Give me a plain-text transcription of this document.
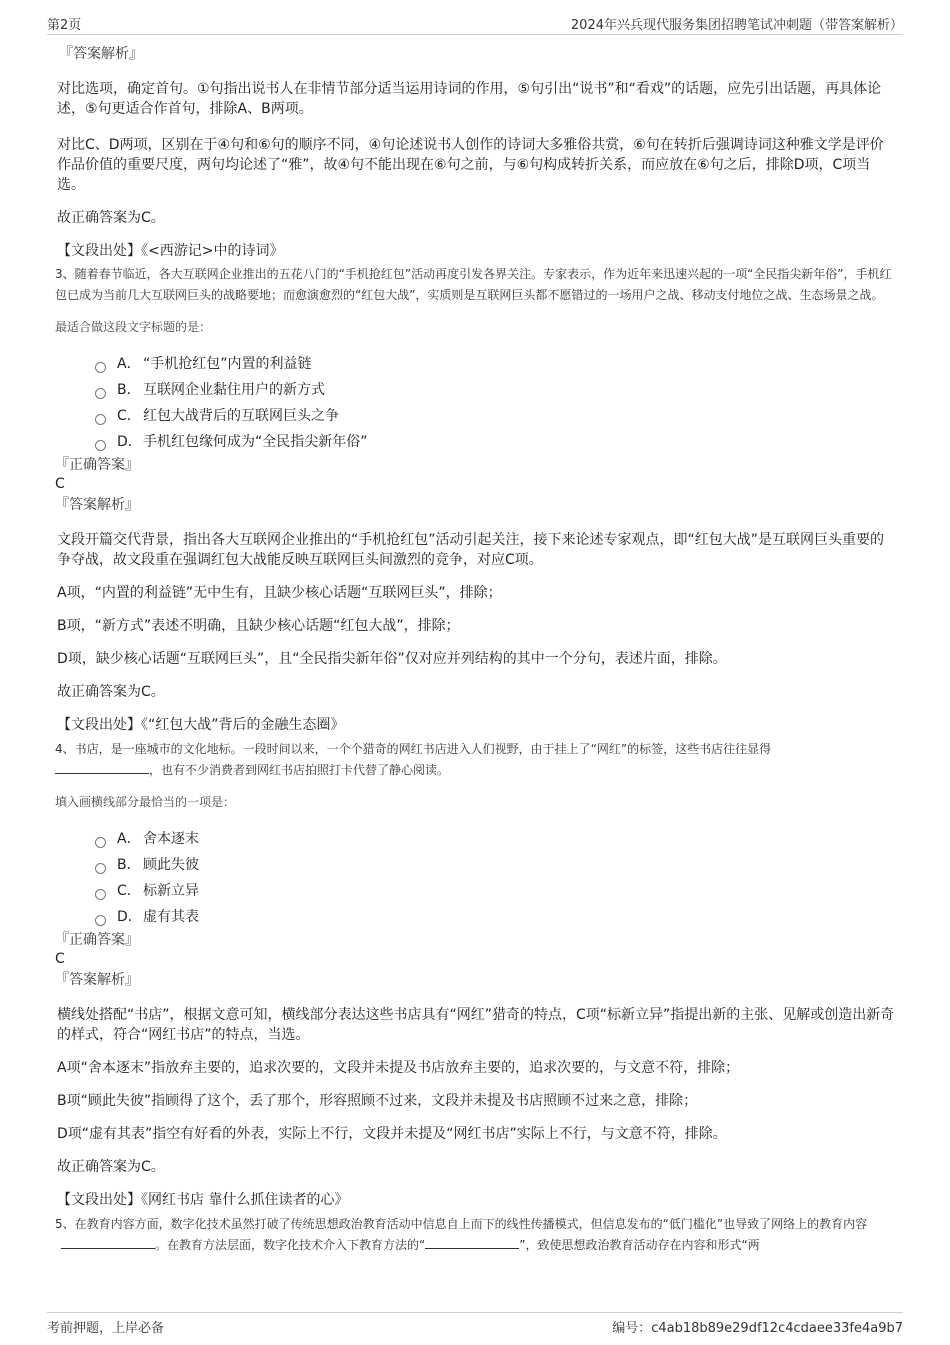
第2页	2024年兴兵现代服务集团招聘笔试冲刺题（带答案解析）

『答案解析』

对比选项，确定首句。①句指出说书人在非情节部分适当运用诗词的作用，⑤句引出“说书”和“看戏”的话题，应先引出话题，再具体论述，⑤句更适合作首句，排除A、B两项。

对比C、D两项，区别在于④句和⑥句的顺序不同，④句论述说书人创作的诗词大多雅俗共赏，⑥句在转折后强调诗词这种雅文学是评价作品价值的重要尺度，两句均论述了“雅”，故④句不能出现在⑥句之前，与⑥句构成转折关系，而应放在⑥句之后，排除D项，C项当选。

故正确答案为C。

【文段出处】《<西游记>中的诗词》

3、随着春节临近，各大互联网企业推出的五花八门的“手机抢红包”活动再度引发各界关注。专家表示，作为近年来迅速兴起的一项“全民指尖新年俗”，手机红包已成为当前几大互联网巨头的战略要地；而愈演愈烈的“红包大战”，实质则是互联网巨头都不愿错过的一场用户之战、移动支付地位之战、生态场景之战。

最适合做这段文字标题的是：

A． “手机抢红包”内置的利益链
B． 互联网企业黏住用户的新方式
C． 红包大战背后的互联网巨头之争
D． 手机红包缘何成为“全民指尖新年俗”

『正确答案』

C

『答案解析』

文段开篇交代背景，指出各大互联网企业推出的“手机抢红包”活动引起关注，接下来论述专家观点，即“红包大战”是互联网巨头重要的争夺战，故文段重在强调红包大战能反映互联网巨头间激烈的竞争，对应C项。

A项，“内置的利益链”无中生有，且缺少核心话题“互联网巨头”，排除；

B项，“新方式”表述不明确，且缺少核心话题“红包大战”，排除；

D项，缺少核心话题“互联网巨头”，且“全民指尖新年俗”仅对应并列结构的其中一个分句，表述片面，排除。

故正确答案为C。

【文段出处】《“红包大战”背后的金融生态圈》

4、书店，是一座城市的文化地标。一段时间以来，一个个猎奇的网红书店进入人们视野，由于挂上了“网红”的标签，这些书店往往显得
，也有不少消费者到网红书店拍照打卡代替了静心阅读。

填入画横线部分最恰当的一项是：

A． 舍本逐末
B． 顾此失彼
C． 标新立异
D． 虚有其表

『正确答案』

C

『答案解析』

横线处搭配“书店”，根据文意可知，横线部分表达这些书店具有“网红”猎奇的特点，C项“标新立异”指提出新的主张、见解或创造出新奇的样式，符合“网红书店”的特点，当选。

A项“舍本逐末”指放弃主要的，追求次要的，文段并未提及书店放弃主要的，追求次要的，与文意不符，排除；

B项“顾此失彼”指顾得了这个，丢了那个，形容照顾不过来，文段并未提及书店照顾不过来之意，排除；

D项“虚有其表”指空有好看的外表，实际上不行，文段并未提及“网红书店”实际上不行，与文意不符，排除。

故正确答案为C。

【文段出处】《网红书店 靠什么抓住读者的心》

5、在教育内容方面，数字化技术虽然打破了传统思想政治教育活动中信息自上而下的线性传播模式，但信息发布的“低门槛化”也导致了网络上的教育内容。在教育方法层面，数字化技术介入下教育方法的“	”，致使思想政治教育活动存在内容和形式“两

考前押题，上岸必备	编号：c4ab18b89e29df12c4cdaee33fe4a9b7
